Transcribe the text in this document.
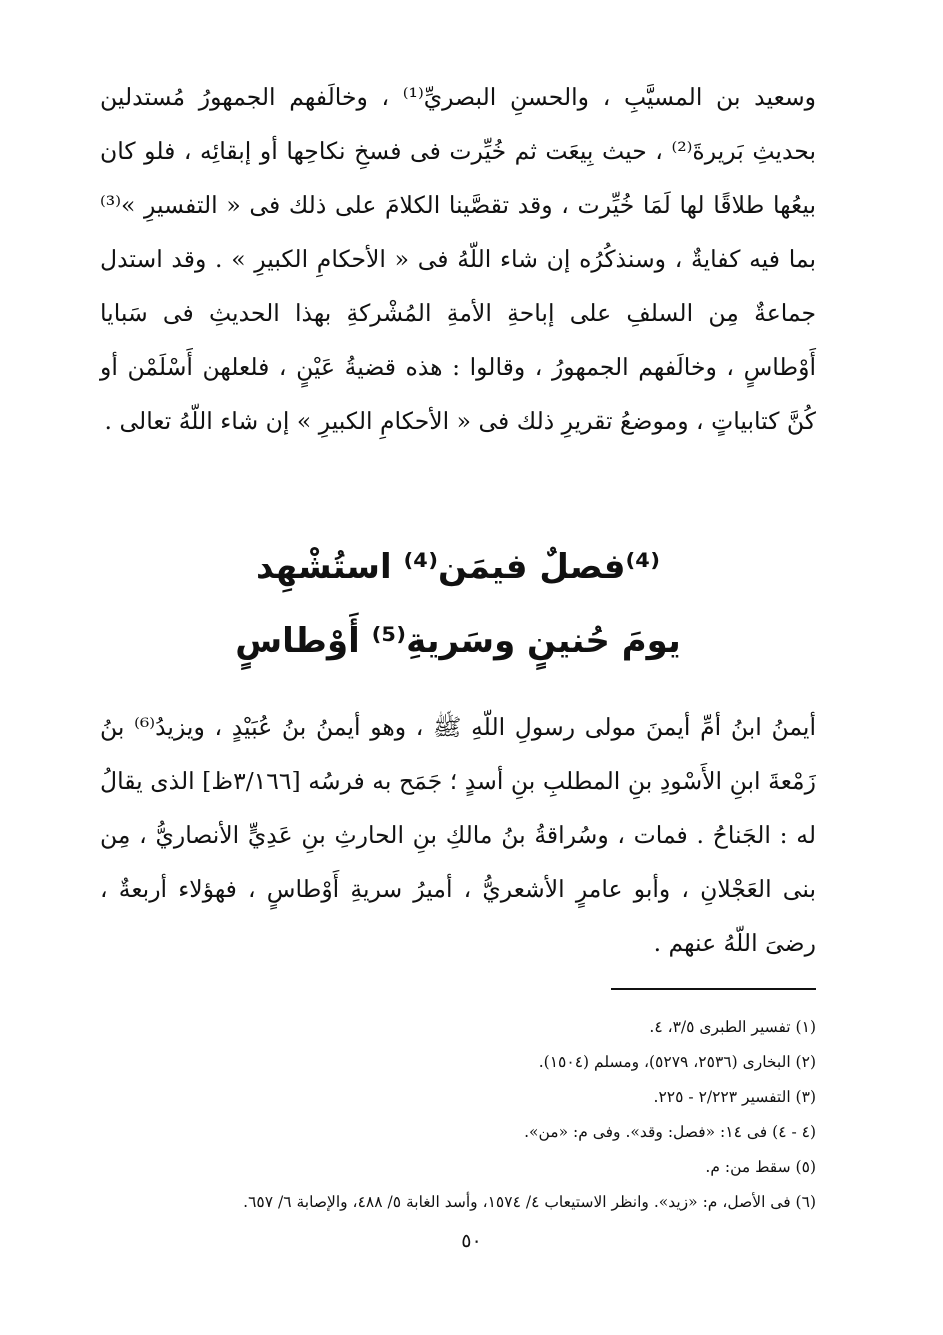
وسعيد بن المسيَّبِ ، والحسنِ البصريِّ⁽¹⁾ ، وخالَفهم الجمهورُ مُستدلين بحديثِ بَريرةَ⁽²⁾ ، حيث بِيعَت ثم خُيِّرت فى فسخِ نكاحِها أو إبقائِه ، فلو كان بيعُها طلاقًا لها لَمَا خُيِّرت ، وقد تقصَّينا الكلامَ على ذلك فى « التفسيرِ »⁽³⁾ بما فيه كفايةٌ ، وسنذكُرُه إن شاء اللّهُ فى « الأحكامِ الكبيرِ » . وقد استدل جماعةٌ مِن السلفِ على إباحةِ الأمةِ المُشْركةِ بهذا الحديثِ فى سَبايا أَوْطاسٍ ، وخالَفهم الجمهورُ ، وقالوا : هذه قضيةُ عَيْنٍ ، فلعلهن أَسْلَمْن أو كُنَّ كتابياتٍ ، وموضعُ تقريرِ ذلك فى « الأحكامِ الكبيرِ » إن شاء اللّهُ تعالى .

⁽⁴⁾فصلٌ فيمَن⁽⁴⁾ استُشْهِد

يومَ حُنينٍ وسَريةِ⁽⁵⁾ أَوْطاسٍ

أيمنُ ابنُ أمِّ أيمنَ مولى رسولِ اللّهِ ﷺ ، وهو أيمنُ بنُ عُبَيْدٍ ، ويزيدُ⁽⁶⁾ بنُ زَمْعةَ ابنِ الأَسْودِ بنِ المطلبِ بنِ أسدٍ ؛ جَمَح به فرسُه [٣/١٦٦ظ] الذى يقالُ له : الجَناحُ . فمات ، وسُراقةُ بنُ مالكِ بنِ الحارثِ بنِ عَدِيٍّ الأنصاريُّ ، مِن بنى العَجْلانِ ، وأبو عامرٍ الأشعريُّ ، أميرُ سريةِ أَوْطاسٍ ، فهؤلاء أربعةٌ ، رضىَ اللّهُ عنهم .

(١) تفسير الطبرى ٣/٥، ٤.

(٢) البخارى (٢٥٣٦، ٥٢٧٩)، ومسلم (١٥٠٤).

(٣) التفسير ٢/٢٢٣ - ٢٢٥.

(٤ - ٤) فى ١٤: «فصل: وقد». وفى م: «من».

(٥) سقط من: م.

(٦) فى الأصل، م: «زيد». وانظر الاستيعاب ٤/ ١٥٧٤، وأسد الغابة ٥/ ٤٨٨، والإصابة ٦/ ٦٥٧.

٥٠
